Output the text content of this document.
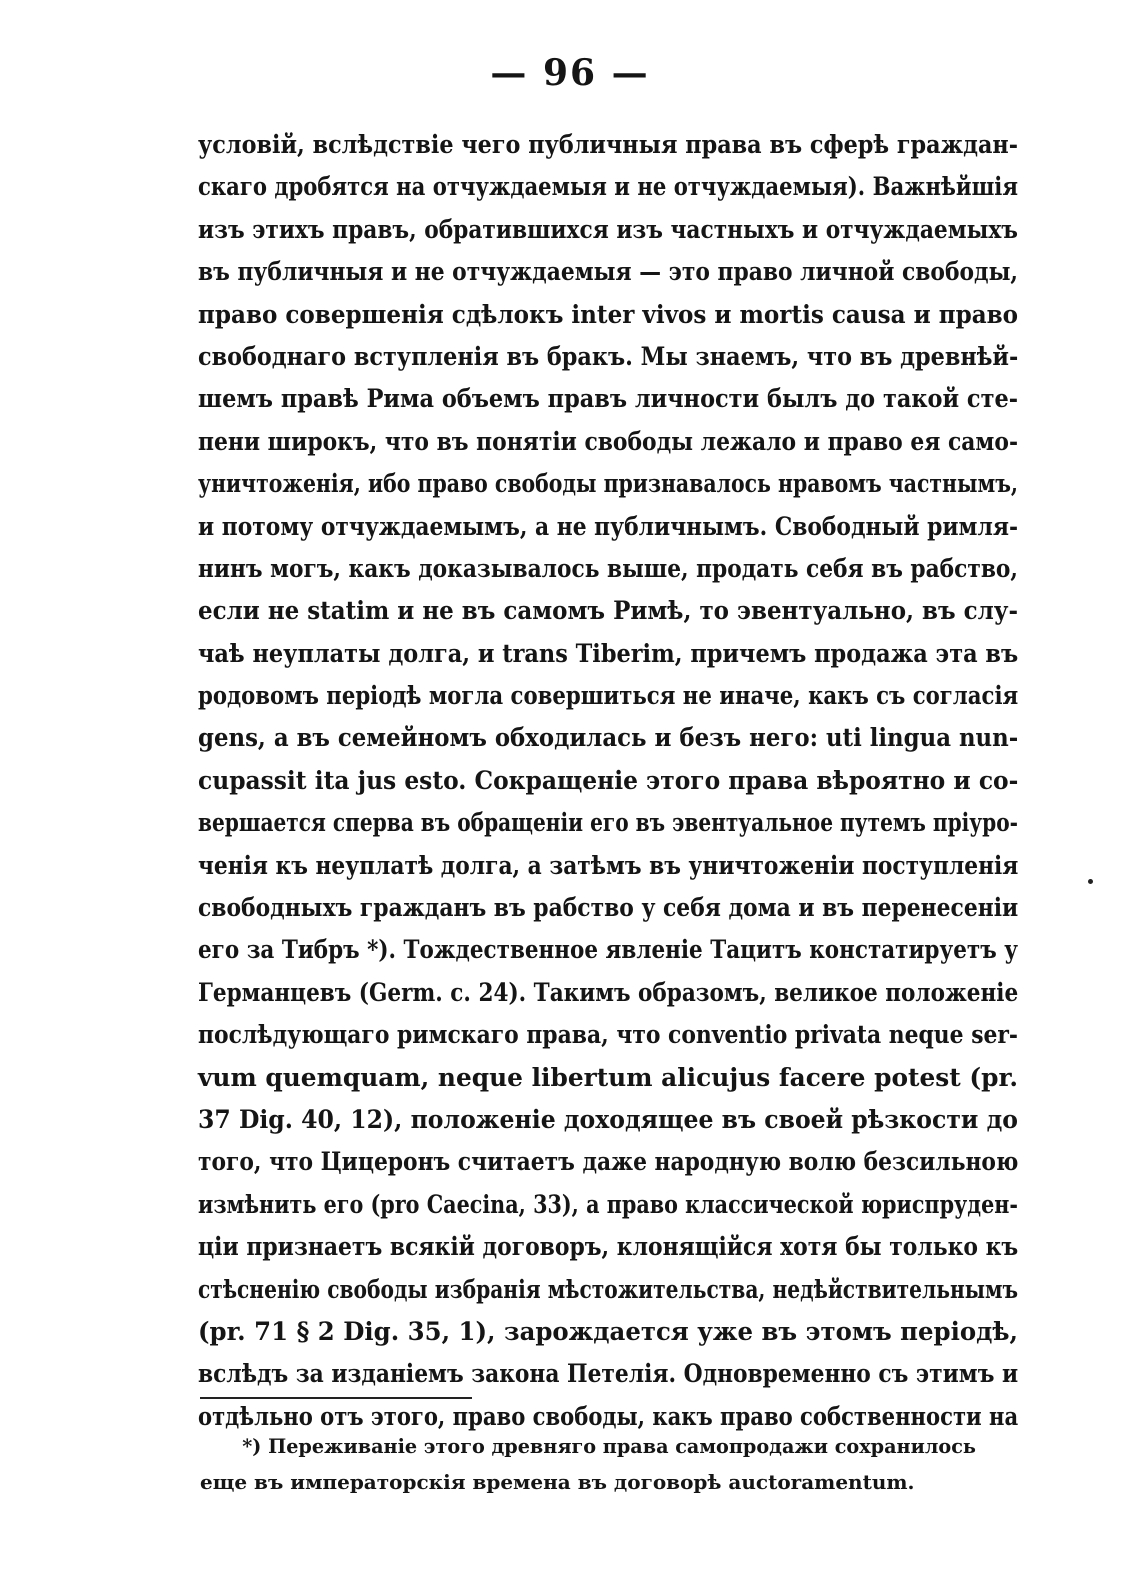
— 96 —
условій, вслѣдствіе чего публичныя права въ сферѣ граждан-
скаго дробятся на отчуждаемыя и не отчуждаемыя). Важнѣйшія
изъ этихъ правъ, обратившихся изъ частныхъ и отчуждаемыхъ
въ публичныя и не отчуждаемыя — это право личной свободы,
право совершенія сдѣлокъ inter vivos и mortis causa и право
свободнаго вступленія въ бракъ. Мы знаемъ, что въ древнѣй-
шемъ правѣ Рима объемъ правъ личности былъ до такой сте-
пени широкъ, что въ понятіи свободы лежало и право ея само-
уничтоженія, ибо право свободы признавалось нравомъ частнымъ,
и потому отчуждаемымъ, а не публичнымъ. Свободный римля-
нинъ могъ, какъ доказывалось выше, продать себя въ рабство,
если не statim и не въ самомъ Римѣ, то эвентуально, въ слу-
чаѣ неуплаты долга, и trans Tiberim, причемъ продажа эта въ
родовомъ періодѣ могла совершиться не иначе, какъ съ согласія
gens, а въ семейномъ обходилась и безъ него: uti lingua nun-
cupassit ita jus esto. Сокращеніе этого права вѣроятно и со-
вершается сперва въ обращеніи его въ эвентуальное путемъ пріуро-
ченія къ неуплатѣ долга, а затѣмъ въ уничтоженіи поступленія
свободныхъ гражданъ въ рабство у себя дома и въ перенесеніи
его за Тибръ *). Тождественное явленіе Тацитъ констатируетъ у
Германцевъ (Germ. c. 24). Такимъ образомъ, великое положеніе
послѣдующаго римскаго права, что conventio privata neque ser-
vum quemquam, neque libertum alicujus facere potest (pr.
37 Dig. 40, 12), положеніе доходящее въ своей рѣзкости до
того, что Цицеронъ считаетъ даже народную волю безсильною
измѣнить его (pro Caecina, 33), а право классической юриспруден-
ціи признаетъ всякій договоръ, клонящійся хотя бы только къ
стѣсненію свободы избранія мѣстожительства, недѣйствительнымъ
(pr. 71 § 2 Dig. 35, 1), зарождается уже въ этомъ періодѣ,
вслѣдъ за изданіемъ закона Петелія. Одновременно съ этимъ и
отдѣльно отъ этого, право свободы, какъ право собственности на
*) Переживаніе этого древняго права самопродажи сохранилось
еще въ императорскія времена въ договорѣ auctoramentum.
